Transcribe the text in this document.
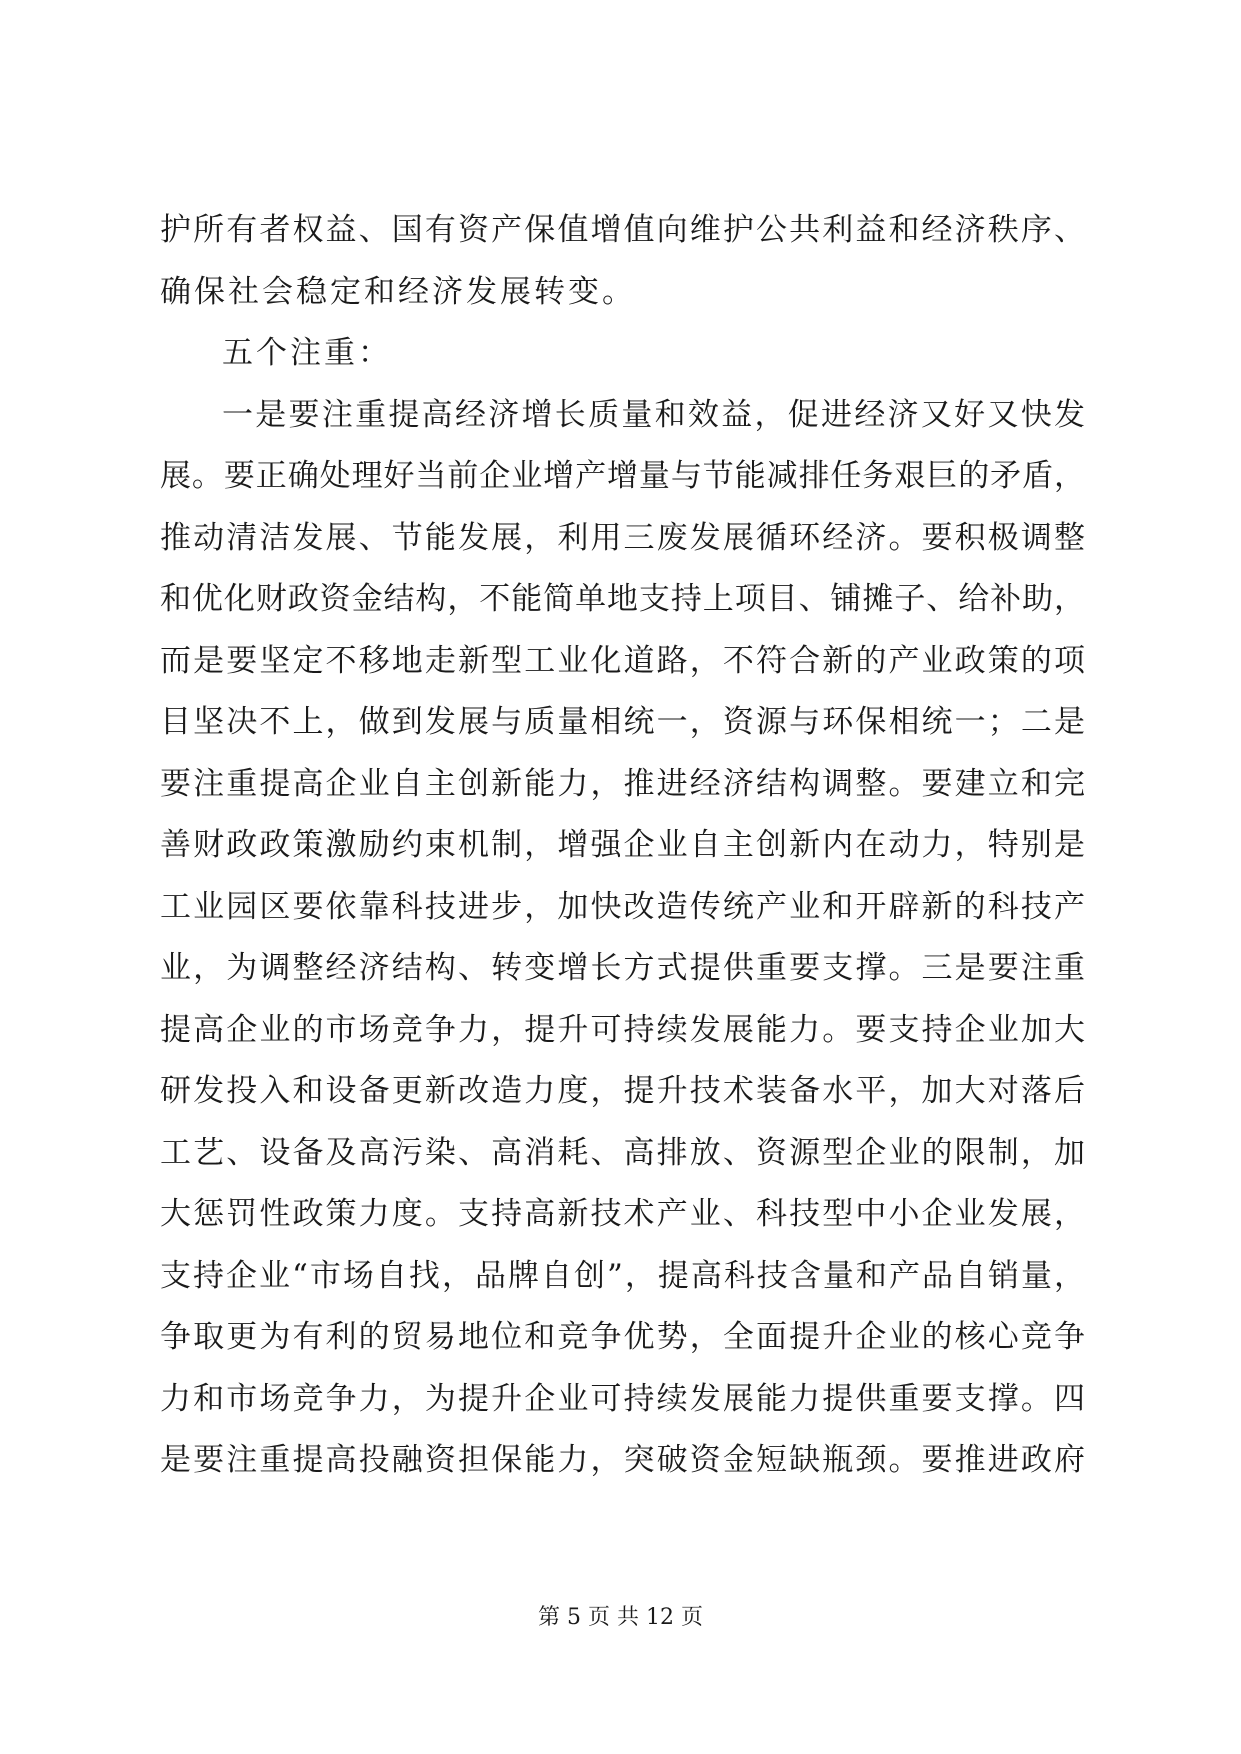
护所有者权益、国有资产保值增值向维护公共利益和经济秩序、
确保社会稳定和经济发展转变。
五个注重：
一是要注重提高经济增长质量和效益，促进经济又好又快发
展。要正确处理好当前企业增产增量与节能减排任务艰巨的矛盾，
推动清洁发展、节能发展，利用三废发展循环经济。要积极调整
和优化财政资金结构，不能简单地支持上项目、铺摊子、给补助，
而是要坚定不移地走新型工业化道路，不符合新的产业政策的项
目坚决不上，做到发展与质量相统一，资源与环保相统一；二是
要注重提高企业自主创新能力，推进经济结构调整。要建立和完
善财政政策激励约束机制，增强企业自主创新内在动力，特别是
工业园区要依靠科技进步，加快改造传统产业和开辟新的科技产
业，为调整经济结构、转变增长方式提供重要支撑。三是要注重
提高企业的市场竞争力，提升可持续发展能力。要支持企业加大
研发投入和设备更新改造力度，提升技术装备水平，加大对落后
工艺、设备及高污染、高消耗、高排放、资源型企业的限制，加
大惩罚性政策力度。支持高新技术产业、科技型中小企业发展，
支持企业“市场自找，品牌自创”，提高科技含量和产品自销量，
争取更为有利的贸易地位和竞争优势，全面提升企业的核心竞争
力和市场竞争力，为提升企业可持续发展能力提供重要支撑。四
是要注重提高投融资担保能力，突破资金短缺瓶颈。要推进政府
第 5 页 共 12 页
